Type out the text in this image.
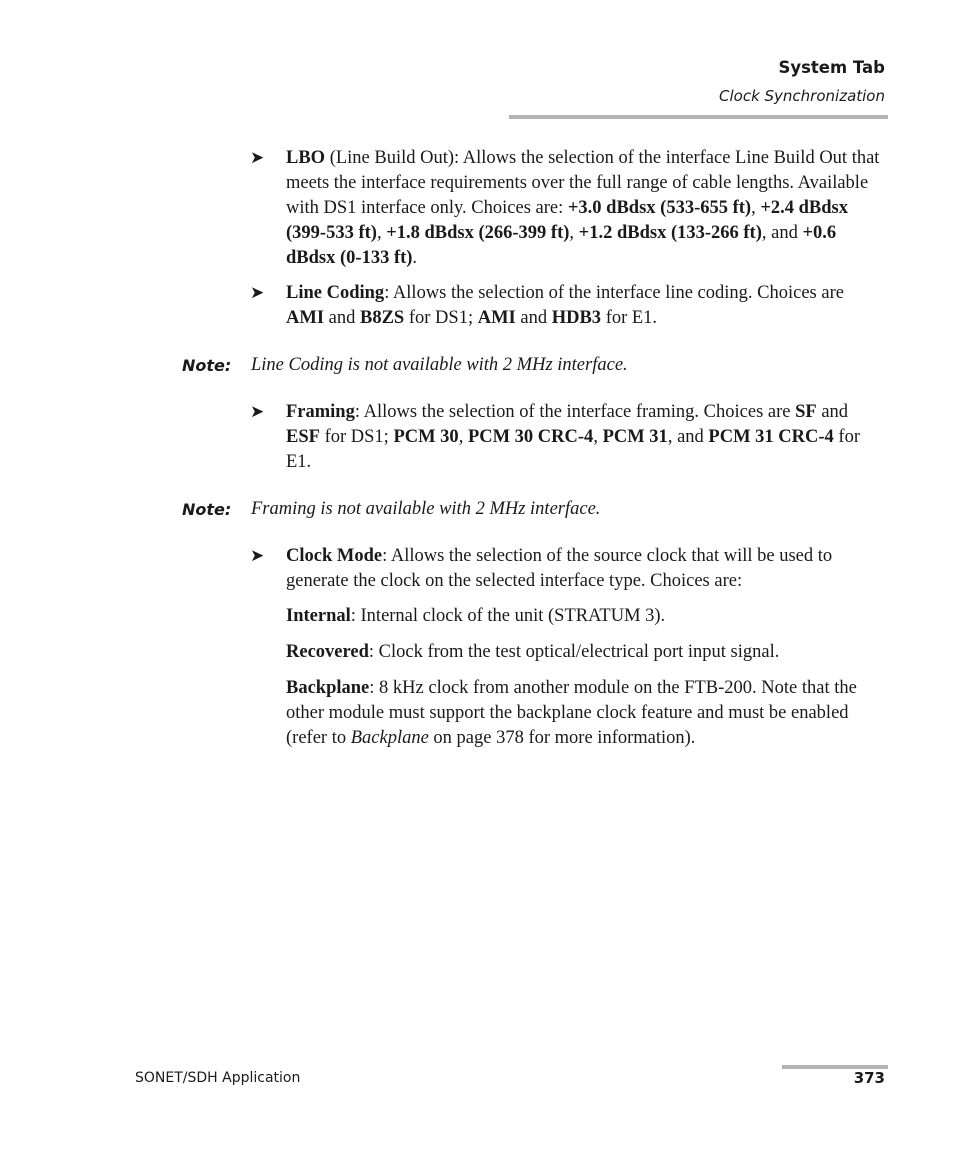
System Tab
Clock Synchronization
➤ LBO (Line Build Out): Allows the selection of the interface Line Build Out that meets the interface requirements over the full range of cable lengths. Available with DS1 interface only. Choices are: +3.0 dBdsx (533-655 ft), +2.4 dBdsx (399-533 ft), +1.8 dBdsx (266-399 ft), +1.2 dBdsx (133-266 ft), and +0.6 dBdsx (0-133 ft).
➤ Line Coding: Allows the selection of the interface line coding. Choices are AMI and B8ZS for DS1; AMI and HDB3 for E1.
Note: Line Coding is not available with 2 MHz interface.
➤ Framing: Allows the selection of the interface framing. Choices are SF and ESF for DS1; PCM 30, PCM 30 CRC-4, PCM 31, and PCM 31 CRC-4 for E1.
Note: Framing is not available with 2 MHz interface.
➤ Clock Mode: Allows the selection of the source clock that will be used to generate the clock on the selected interface type. Choices are:
Internal: Internal clock of the unit (STRATUM 3).
Recovered: Clock from the test optical/electrical port input signal.
Backplane: 8 kHz clock from another module on the FTB-200. Note that the other module must support the backplane clock feature and must be enabled (refer to Backplane on page 378 for more information).
SONET/SDH Application	373
